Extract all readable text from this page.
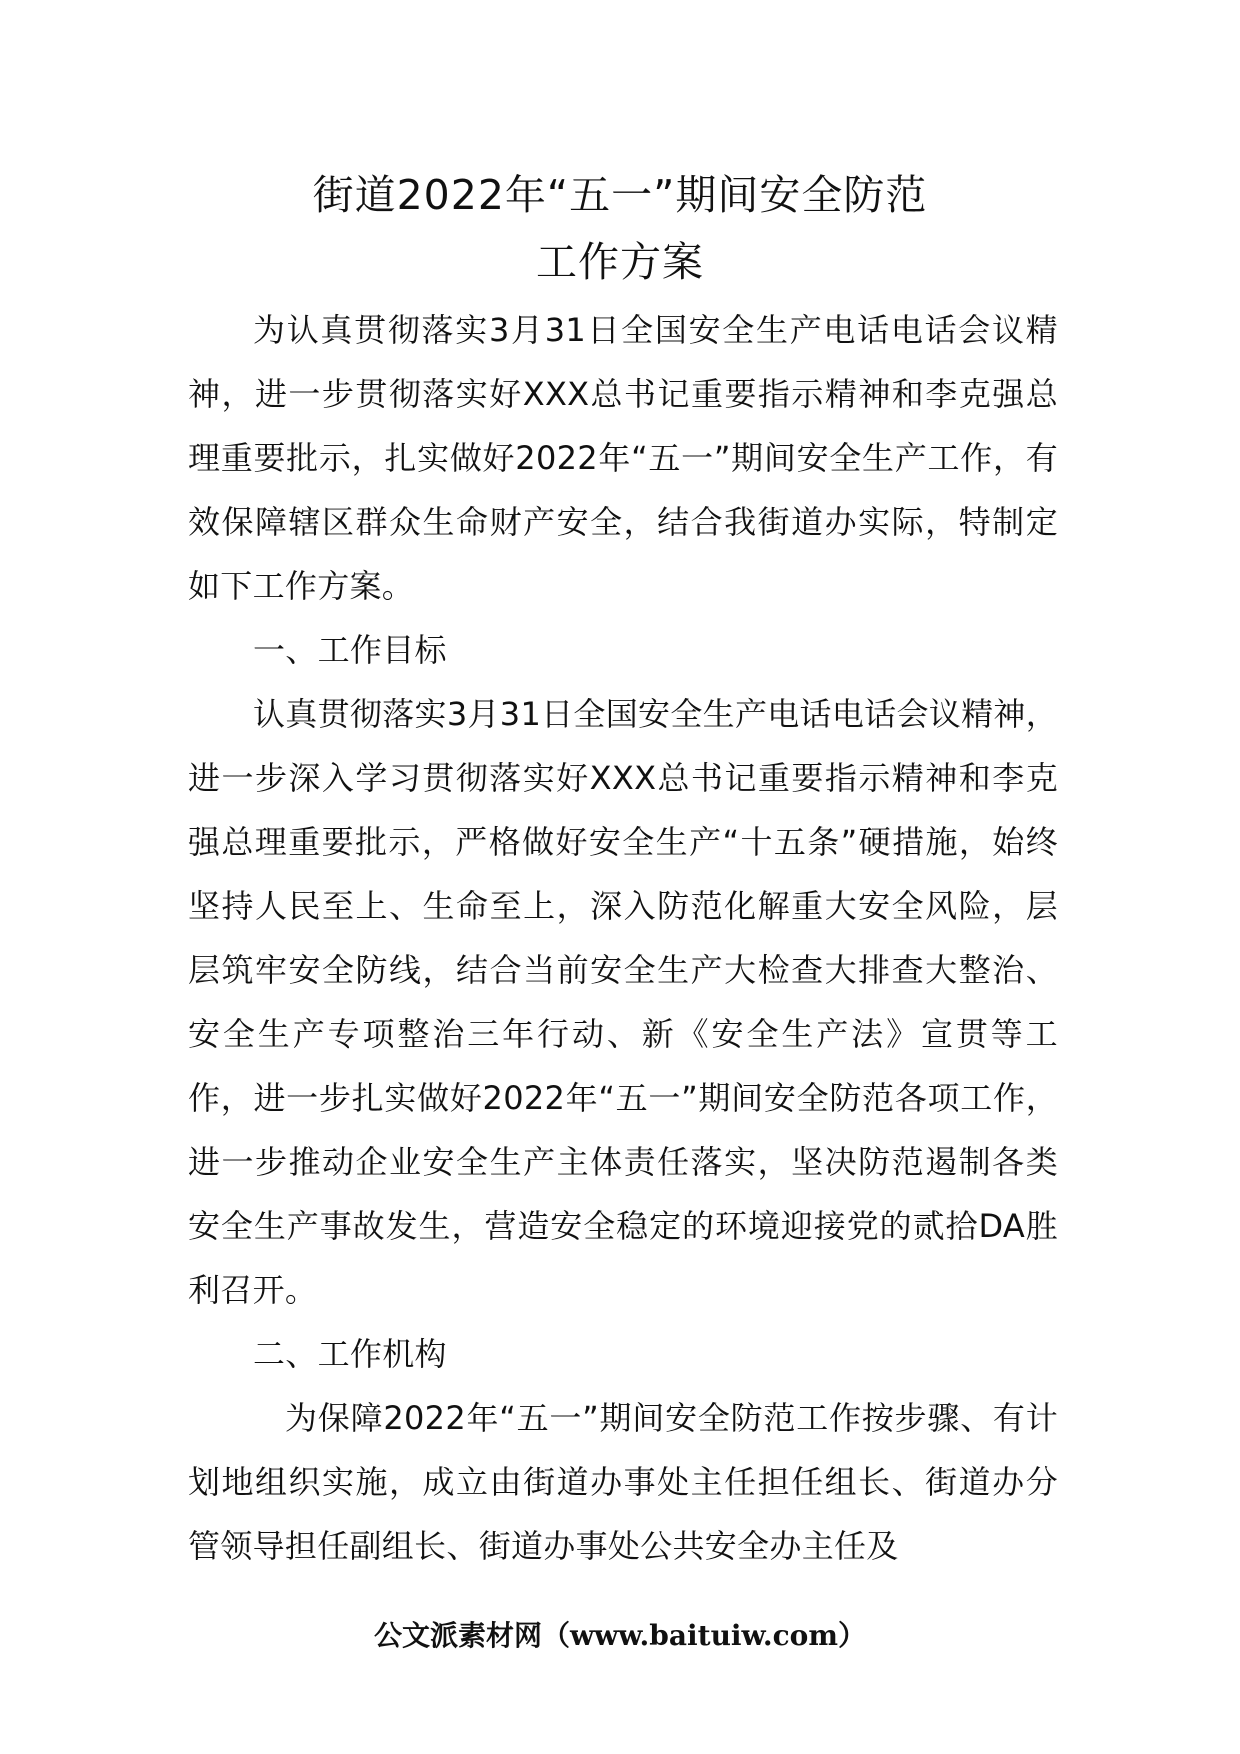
街道2022年“五一”期间安全防范
工作方案

为认真贯彻落实3月31日全国安全生产电话电话会议精神，进一步贯彻落实好XXX总书记重要指示精神和李克强总理重要批示，扎实做好2022年“五一”期间安全生产工作，有效保障辖区群众生命财产安全，结合我街道办实际，特制定如下工作方案。

一、工作目标

认真贯彻落实3月31日全国安全生产电话电话会议精神，进一步深入学习贯彻落实好XXX总书记重要指示精神和李克强总理重要批示，严格做好安全生产“十五条”硬措施，始终坚持人民至上、生命至上，深入防范化解重大安全风险，层层筑牢安全防线，结合当前安全生产大检查大排查大整治、安全生产专项整治三年行动、新《安全生产法》宣贯等工作，进一步扎实做好2022年“五一”期间安全防范各项工作，进一步推动企业安全生产主体责任落实，坚决防范遏制各类安全生产事故发生，营造安全稳定的环境迎接党的贰拾DA胜利召开。

二、工作机构

为保障2022年“五一”期间安全防范工作按步骤、有计划地组织实施，成立由街道办事处主任担任组长、街道办分管领导担任副组长、街道办事处公共安全办主任及

公文派素材网（www.baituiw.com）
